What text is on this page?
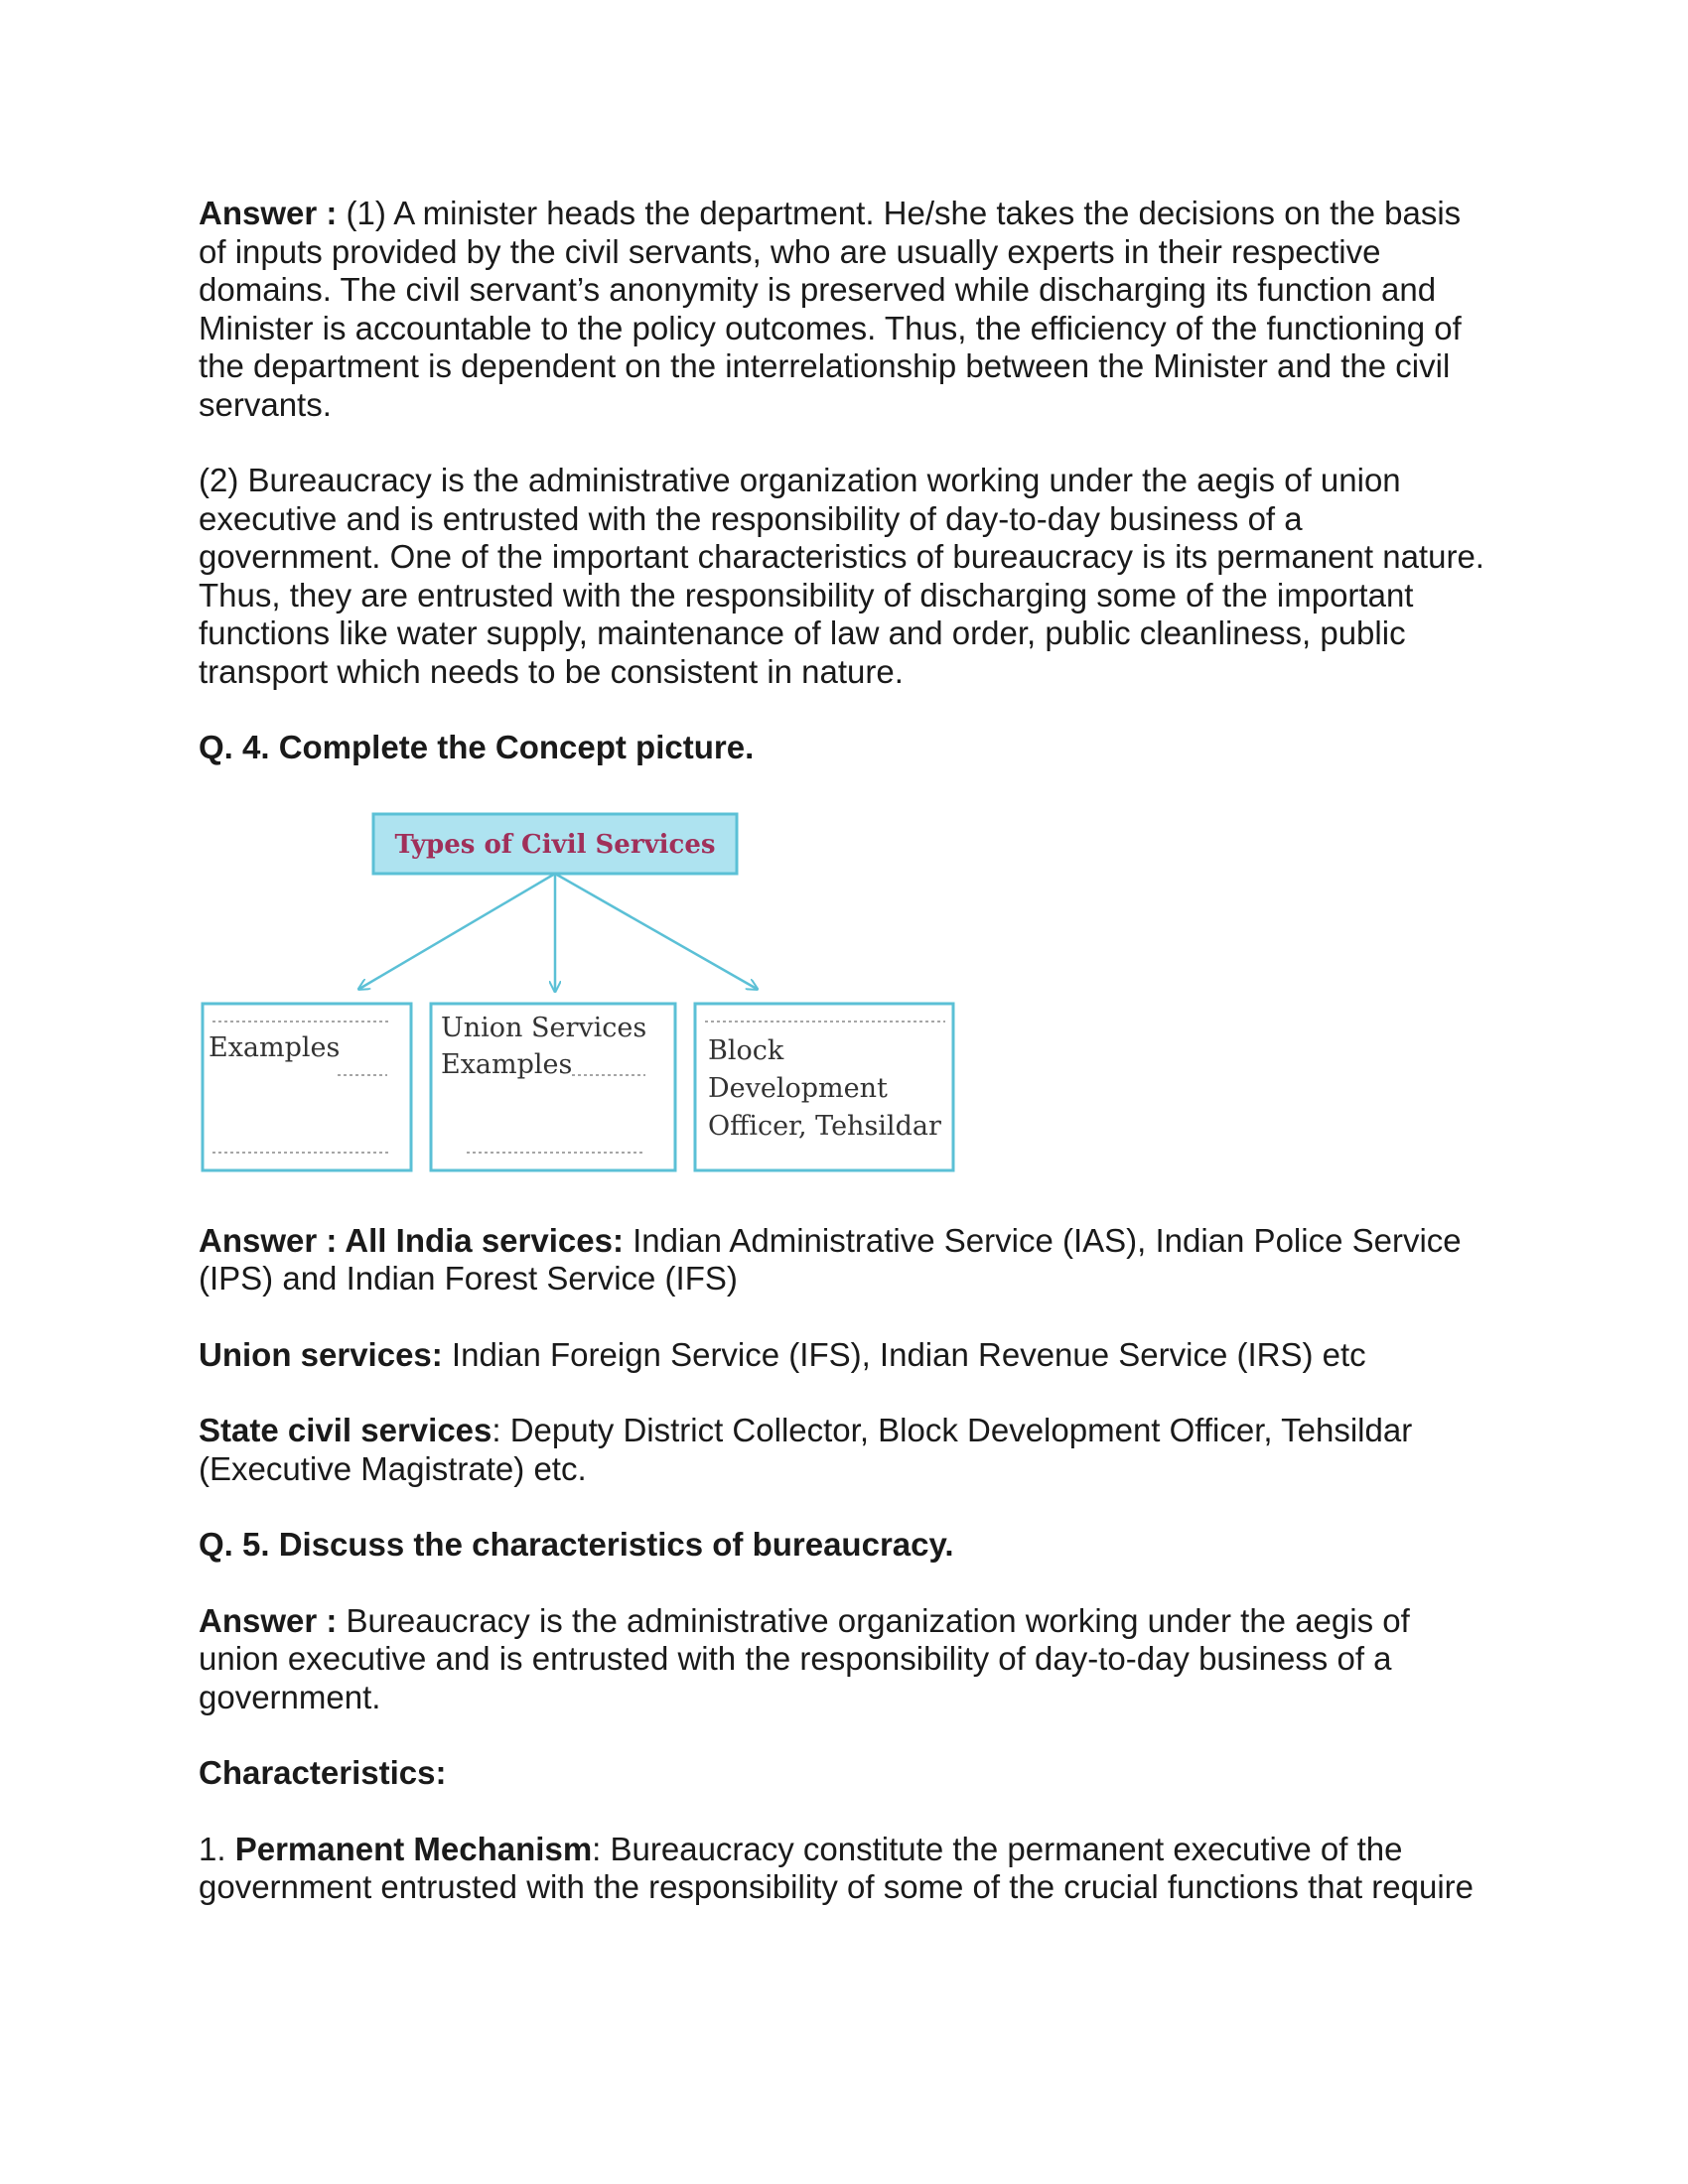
Answer : (1) A minister heads the department. He/she takes the decisions on the basis of inputs provided by the civil servants, who are usually experts in their respective domains. The civil servant’s anonymity is preserved while discharging its function and Minister is accountable to the policy outcomes. Thus, the efficiency of the functioning of the department is dependent on the interrelationship between the Minister and the civil servants.

(2) Bureaucracy is the administrative organization working under the aegis of union executive and is entrusted with the responsibility of day-to-day business of a government. One of the important characteristics of bureaucracy is its permanent nature. Thus, they are entrusted with the responsibility of discharging some of the important functions like water supply, maintenance of law and order, public cleanliness, public transport which needs to be consistent in nature.

Q. 4. Complete the Concept picture.

Types of Civil Services
Examples
Union Services
Examples	Block
Development
Officer, Tehsildar

Answer : All India services: Indian Administrative Service (IAS), Indian Police Service (IPS) and Indian Forest Service (IFS)

Union services: Indian Foreign Service (IFS), Indian Revenue Service (IRS) etc

State civil services: Deputy District Collector, Block Development Officer, Tehsildar (Executive Magistrate) etc.

Q. 5. Discuss the characteristics of bureaucracy.

Answer : Bureaucracy is the administrative organization working under the aegis of union executive and is entrusted with the responsibility of day-to-day business of a government.

Characteristics:

1. Permanent Mechanism: Bureaucracy constitute the permanent executive of the government entrusted with the responsibility of some of the crucial functions that require
